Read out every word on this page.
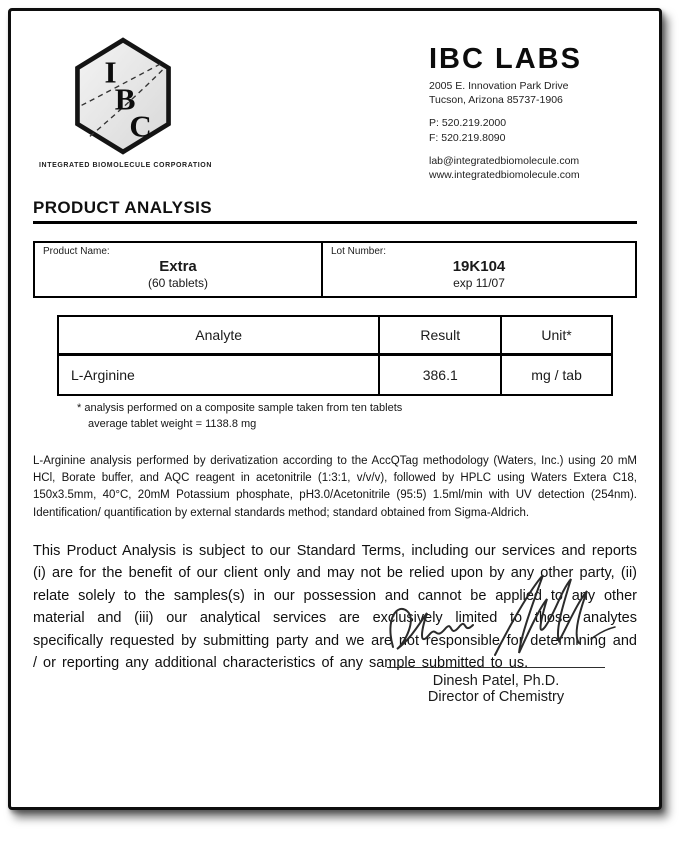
I
B
C
INTEGRATED BIOMOLECULE CORPORATION
IBC LABS
2005 E. Innovation Park Drive
Tucson, Arizona 85737-1906
P: 520.219.2000
F: 520.219.8090
lab@integratedbiomolecule.com
www.integratedbiomolecule.com
PRODUCT ANALYSIS
Product Name:
Extra
(60 tablets)
Lot Number:
19K104
exp 11/07
Analyte	Result	Unit*
L-Arginine	386.1	mg / tab
* analysis performed on a composite sample taken from ten tablets
average tablet weight = 1138.8 mg
L-Arginine analysis performed by derivatization according to the AccQTag methodology (Waters, Inc.) using 20 mM HCl, Borate buffer, and AQC reagent in acetonitrile (1:3:1, v/v/v), followed by HPLC using Waters Extera C18, 150x3.5mm, 40°C, 20mM Potassium phosphate, pH3.0/Acetonitrile (95:5) 1.5ml/min with UV detection (254nm). Identification/ quantification by external standards method; standard obtained from Sigma-Aldrich.
This Product Analysis is subject to our Standard Terms, including our services and reports (i) are for the benefit of our client only and may not be relied upon by any other party, (ii) relate solely to the samples(s) in our possession and cannot be applied to any other material and (iii) our analytical services are exclusively limited to those analytes specifically requested by submitting party and we are not responsible for determining and / or reporting any additional characteristics of any sample submitted to us.
Dinesh Patel, Ph.D.
Director of Chemistry
